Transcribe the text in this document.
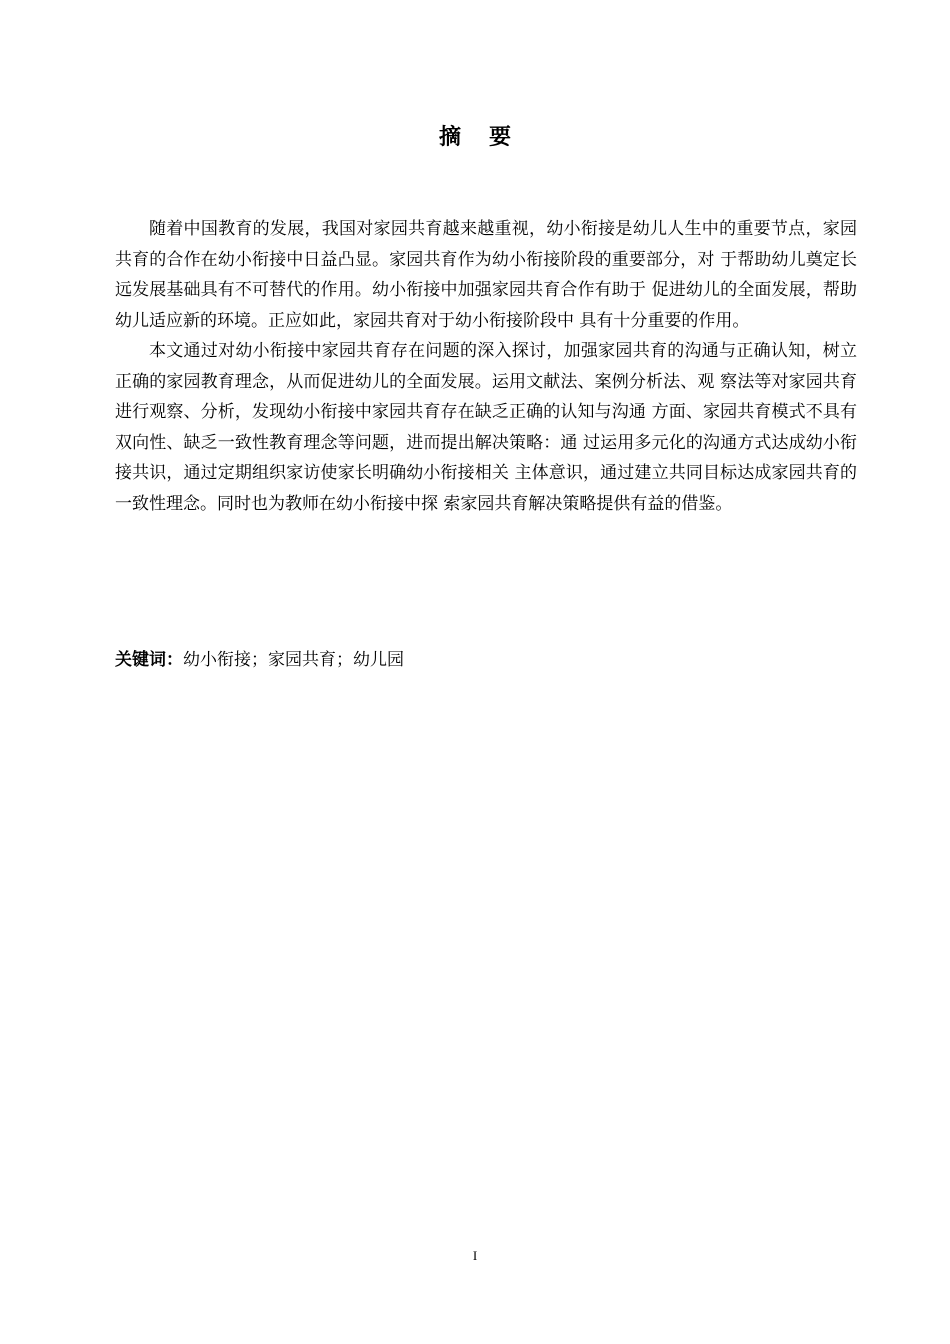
摘要

随着中国教育的发展，我国对家园共育越来越重视，幼小衔接是幼儿人生中的重要节点，家园共育的合作在幼小衔接中日益凸显。家园共育作为幼小衔接阶段的重要部分，对 于帮助幼儿奠定长远发展基础具有不可替代的作用。幼小衔接中加强家园共育合作有助于 促进幼儿的全面发展，帮助幼儿适应新的环境。正应如此，家园共育对于幼小衔接阶段中 具有十分重要的作用。

本文通过对幼小衔接中家园共育存在问题的深入探讨，加强家园共育的沟通与正确认知，树立正确的家园教育理念，从而促进幼儿的全面发展。运用文献法、案例分析法、观 察法等对家园共育进行观察、分析，发现幼小衔接中家园共育存在缺乏正确的认知与沟通 方面、家园共育模式不具有双向性、缺乏一致性教育理念等问题，进而提出解决策略：通 过运用多元化的沟通方式达成幼小衔接共识，通过定期组织家访使家长明确幼小衔接相关 主体意识，通过建立共同目标达成家园共育的一致性理念。同时也为教师在幼小衔接中探 索家园共育解决策略提供有益的借鉴。

关键词：幼小衔接；家园共育；幼儿园

I
